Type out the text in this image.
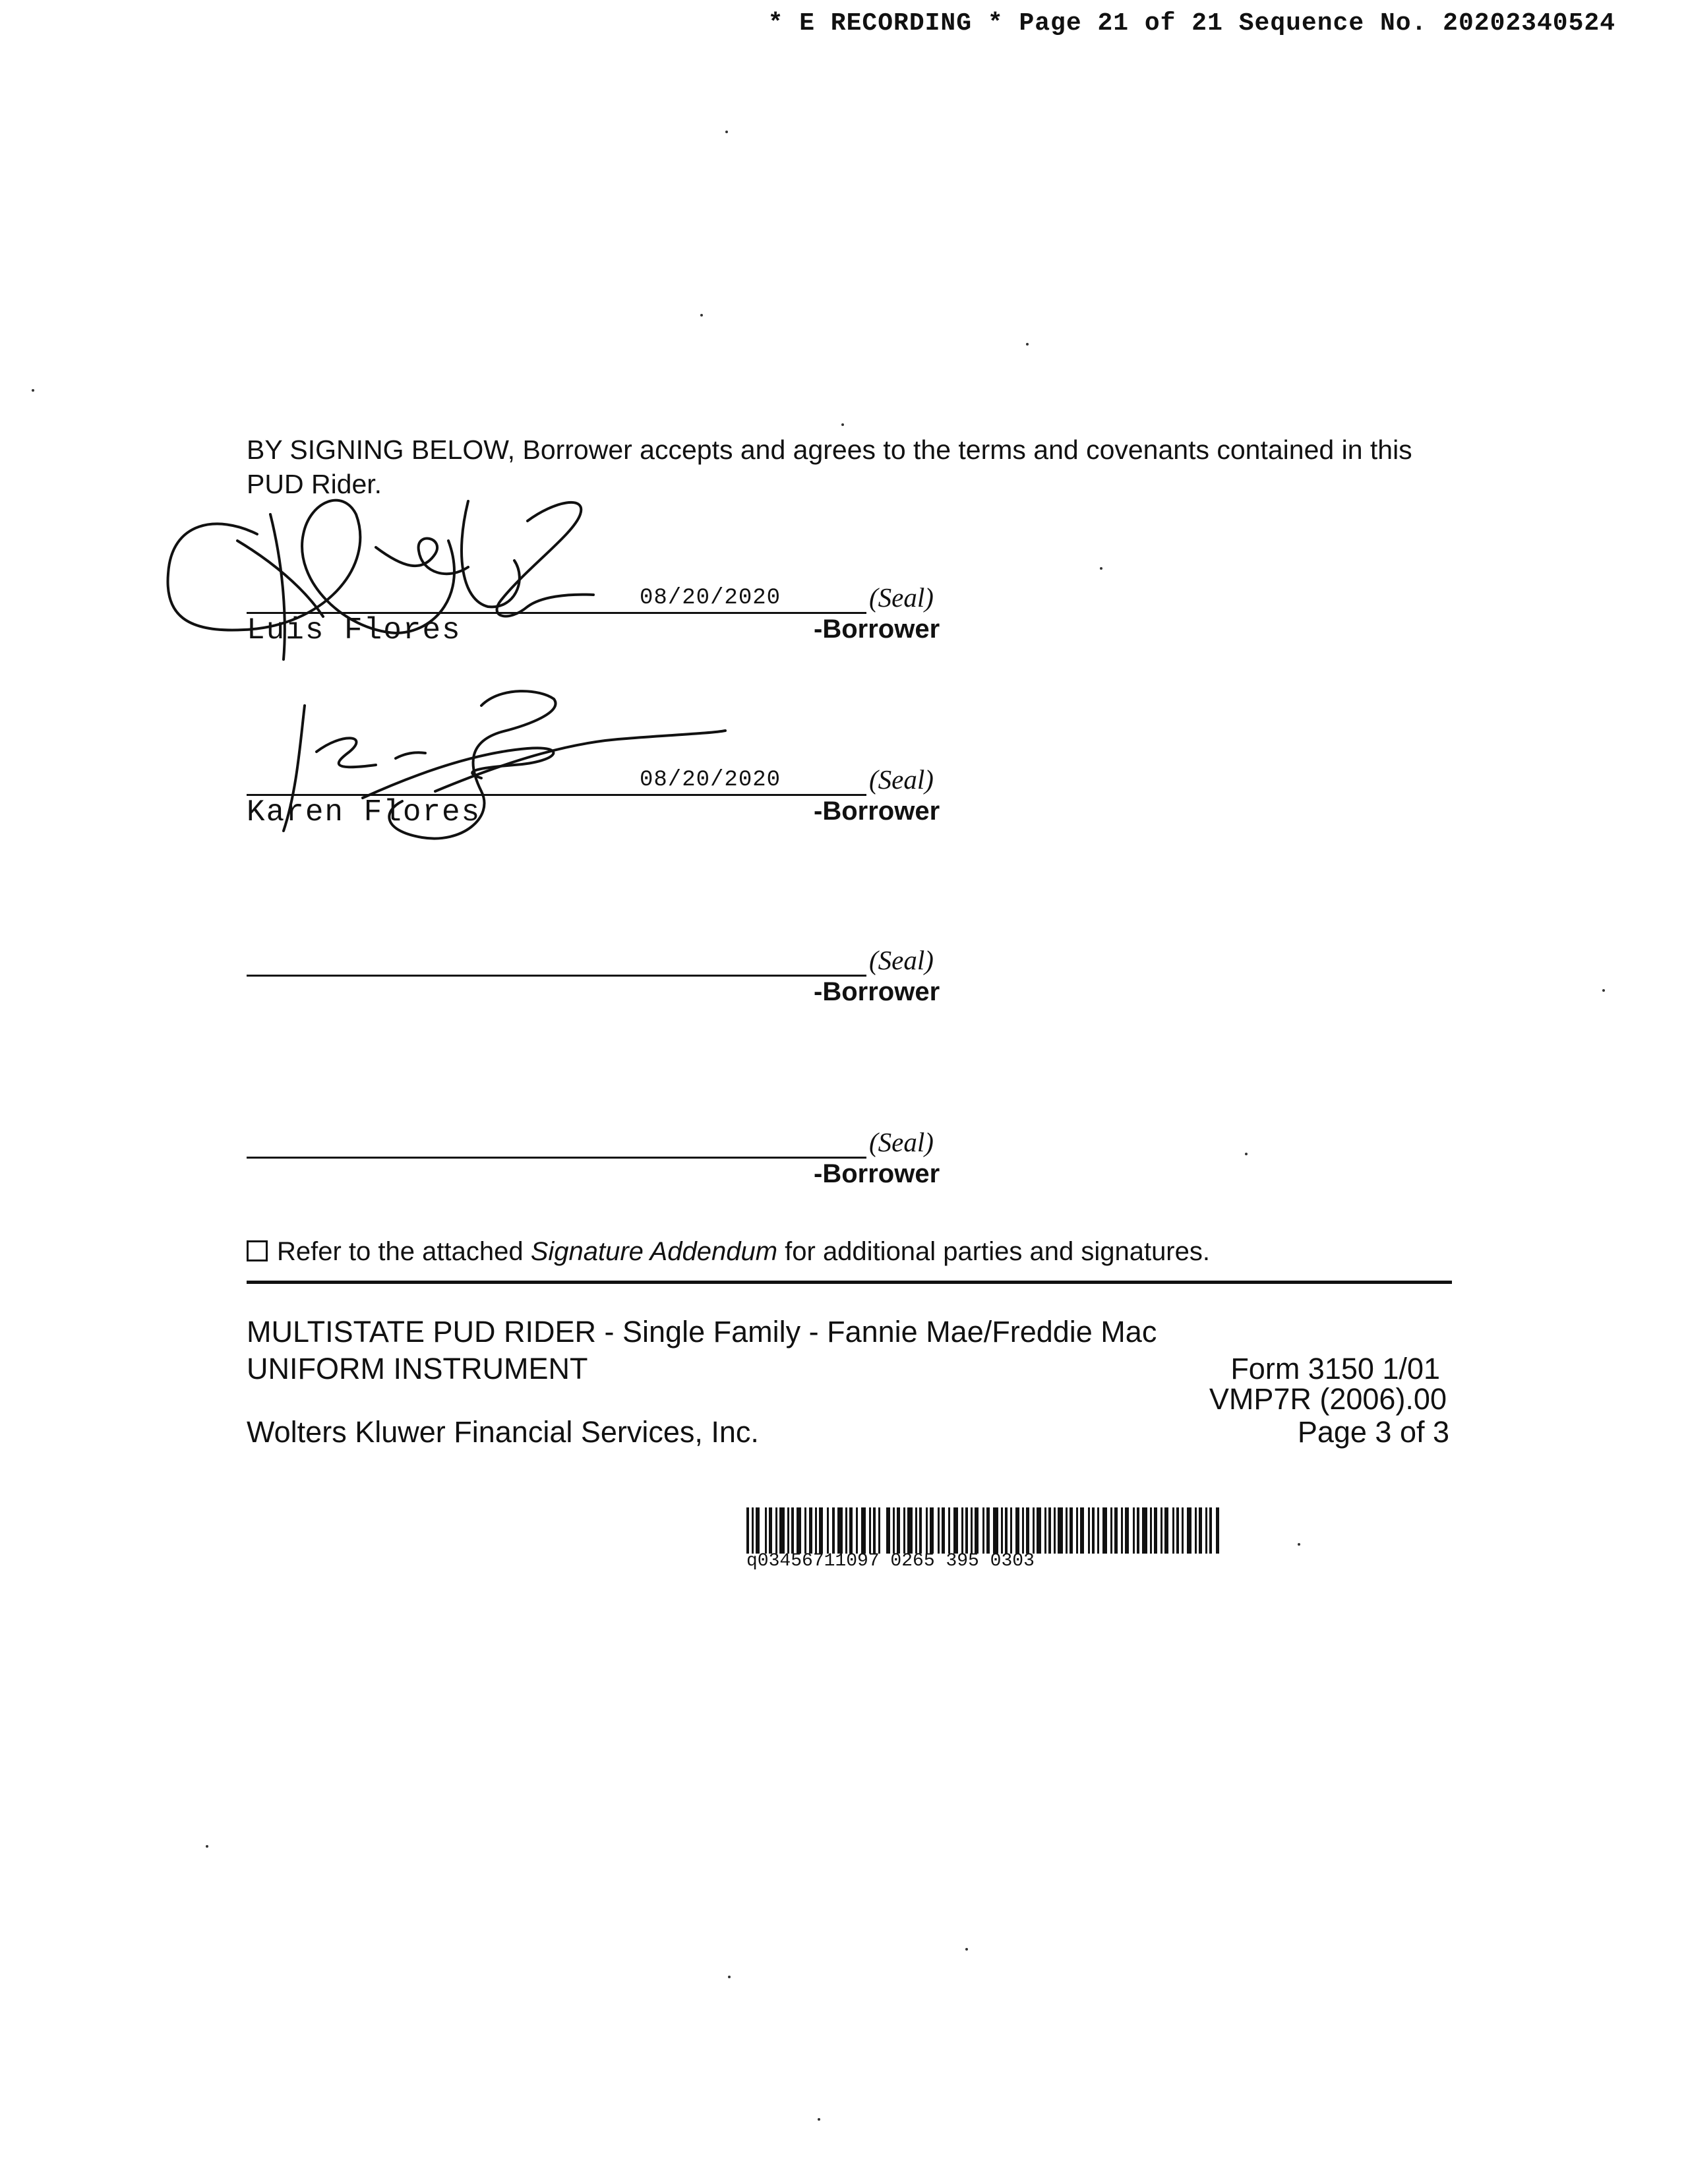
* E RECORDING * Page 21 of 21 Sequence No. 20202340524
BY SIGNING BELOW, Borrower accepts and agrees to the terms and covenants contained in this PUD Rider.
08/20/2020	(Seal)
Luis Flores	-Borrower
08/20/2020	(Seal)
Karen Flores	-Borrower
(Seal)
-Borrower
(Seal)
-Borrower
Refer to the attached Signature Addendum for additional parties and signatures.
MULTISTATE PUD RIDER - Single Family - Fannie Mae/Freddie Mac
UNIFORM INSTRUMENT	Form 3150 1/01
VMP7R (2006).00
Wolters Kluwer Financial Services, Inc.	Page 3 of 3
q03456711097 0265 395 0303
